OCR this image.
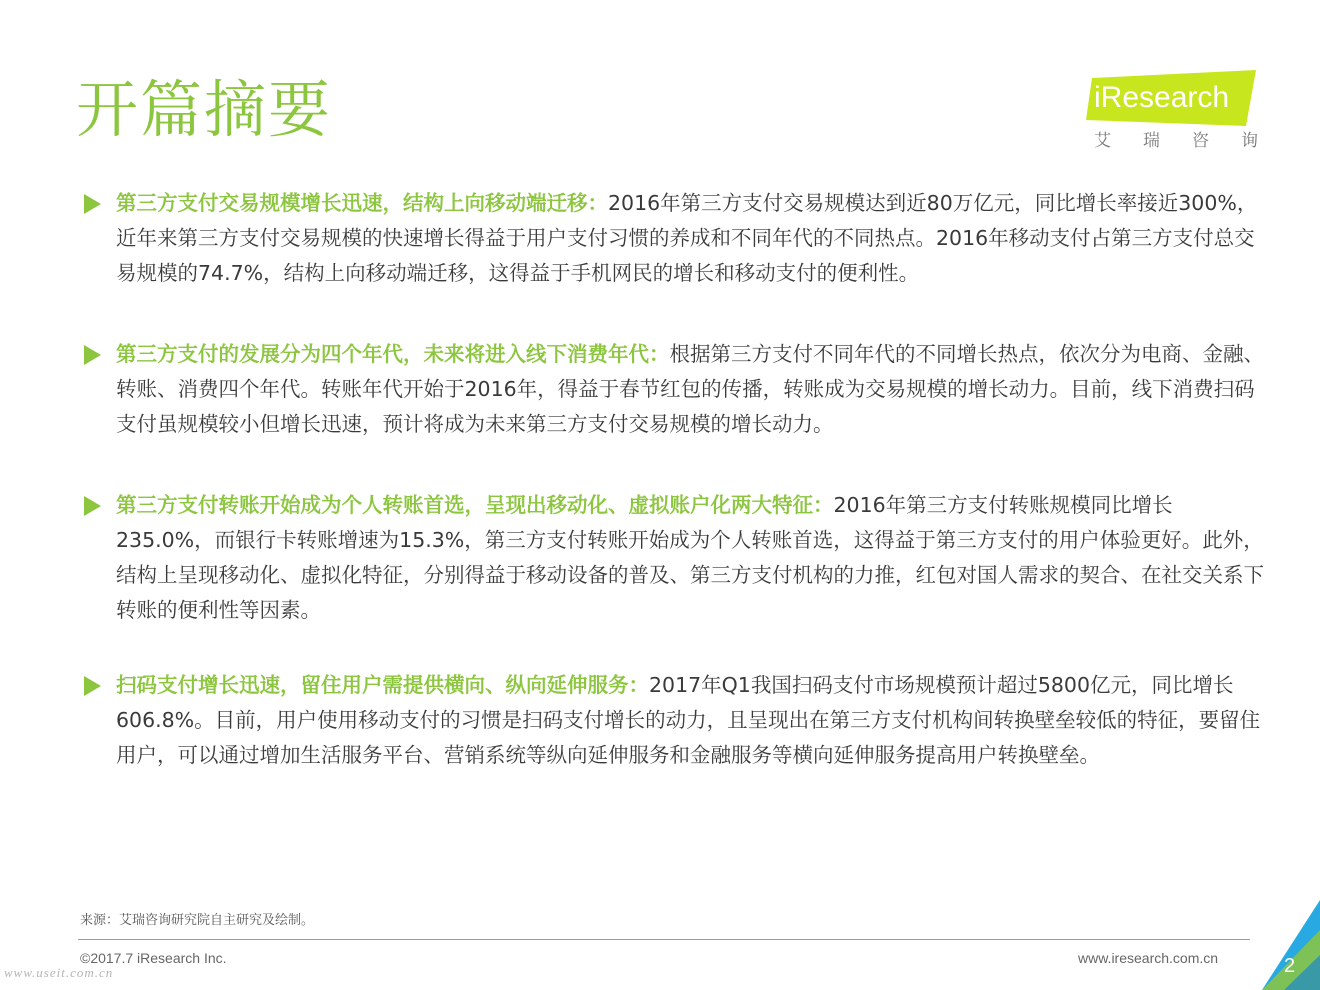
开篇摘要	iResearch
艾 瑞 咨 询

第三方支付交易规模增长迅速，结构上向移动端迁移：2016年第三方支付交易规模达到近80万亿元，同比增长率接近300%，近年来第三方支付交易规模的快速增长得益于用户支付习惯的养成和不同年代的不同热点。2016年移动支付占第三方支付总交易规模的74.7%，结构上向移动端迁移，这得益于手机网民的增长和移动支付的便利性。

第三方支付的发展分为四个年代，未来将进入线下消费年代：根据第三方支付不同年代的不同增长热点，依次分为电商、金融、转账、消费四个年代。转账年代开始于2016年，得益于春节红包的传播，转账成为交易规模的增长动力。目前，线下消费扫码支付虽规模较小但增长迅速，预计将成为未来第三方支付交易规模的增长动力。

第三方支付转账开始成为个人转账首选，呈现出移动化、虚拟账户化两大特征：2016年第三方支付转账规模同比增长235.0%，而银行卡转账增速为15.3%，第三方支付转账开始成为个人转账首选，这得益于第三方支付的用户体验更好。此外，结构上呈现移动化、虚拟化特征，分别得益于移动设备的普及、第三方支付机构的力推，红包对国人需求的契合、在社交关系下转账的便利性等因素。

扫码支付增长迅速，留住用户需提供横向、纵向延伸服务：2017年Q1我国扫码支付市场规模预计超过5800亿元，同比增长606.8%。目前，用户使用移动支付的习惯是扫码支付增长的动力，且呈现出在第三方支付机构间转换壁垒较低的特征，要留住用户，可以通过增加生活服务平台、营销系统等纵向延伸服务和金融服务等横向延伸服务提高用户转换壁垒。

来源：艾瑞咨询研究院自主研究及绘制。
©2017.7 iResearch Inc.	www.iresearch.com.cn
www.useit.com.cn	2
